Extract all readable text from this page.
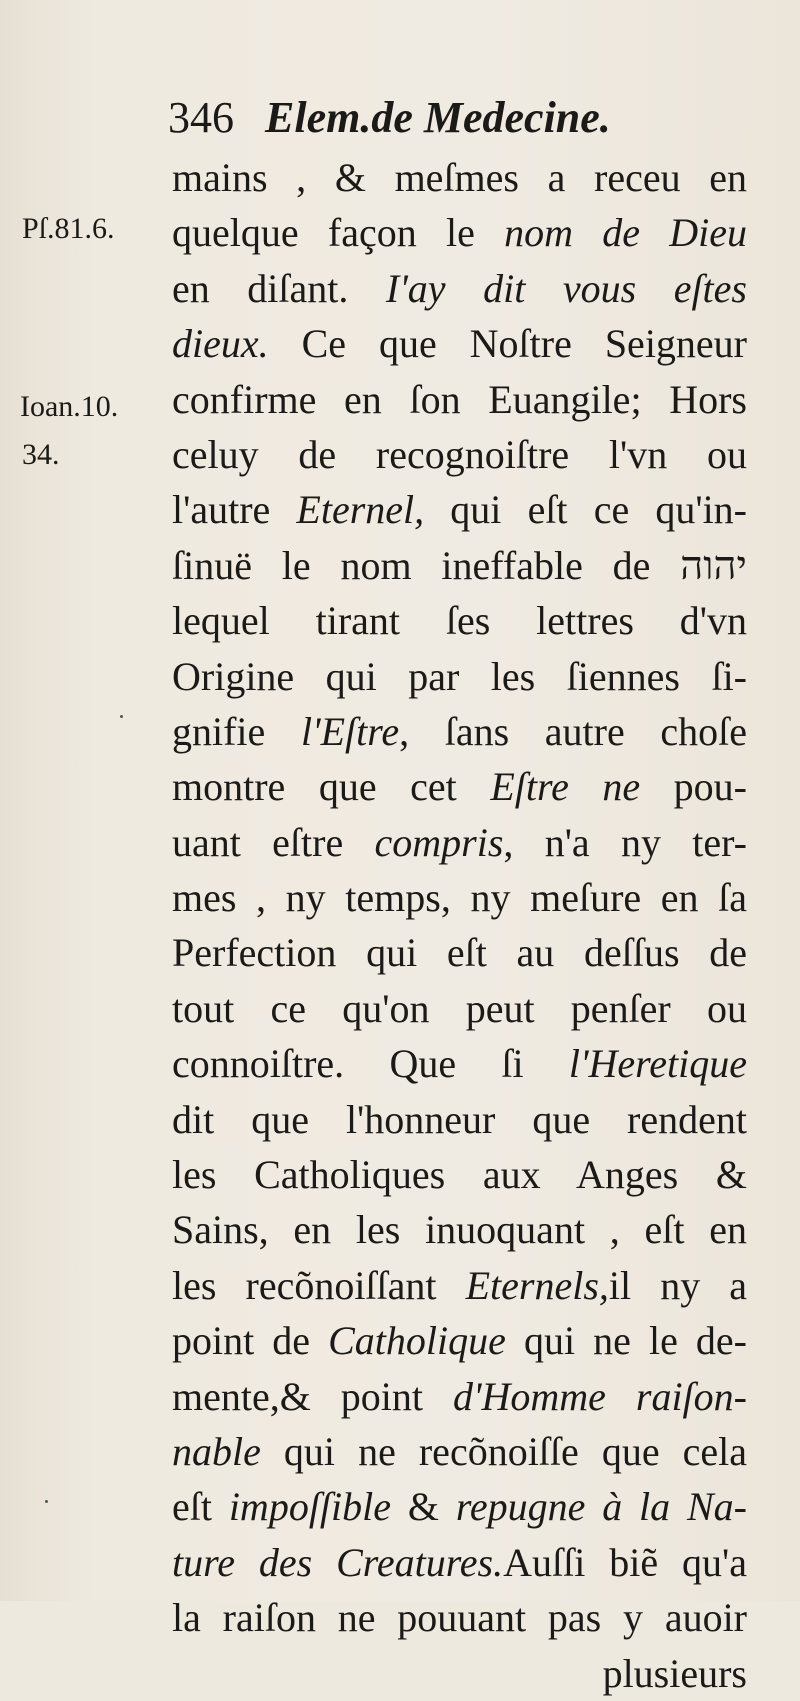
346 Elem.de Medecine.
Pſ.81.6.
Ioan.10.
34.
mains , & meſmes a receu en
quelque façon le nom de Dieu
en diſant. I'ay dit vous eſtes
dieux. Ce que Noſtre Seigneur
confirme en ſon Euangile; Hors
celuy de recognoiſtre l'vn ou
l'autre Eternel, qui eſt ce qu'in-
ſinuë le nom ineffable de יהוה
lequel tirant ſes lettres d'vn
Origine qui par les ſiennes ſi-
gnifie l'Eſtre, ſans autre choſe
montre que cet Eſtre ne pou-
uant eſtre compris, n'a ny ter-
mes , ny temps, ny meſure en ſa
Perfection qui eſt au deſſus de
tout ce qu'on peut penſer ou
connoiſtre. Que ſi l'Heretique
dit que l'honneur que rendent
les Catholiques aux Anges &
Sains, en les inuoquant , eſt en
les recõnoiſſant Eternels,il ny a
point de Catholique qui ne le de-
mente,& point d'Homme raiſon-
nable qui ne recõnoiſſe que cela
eſt impoſſible & repugne à la Na-
ture des Creatures.Auſſi biẽ qu'a
la raiſon ne pouuant pas y auoir
plusieurs
